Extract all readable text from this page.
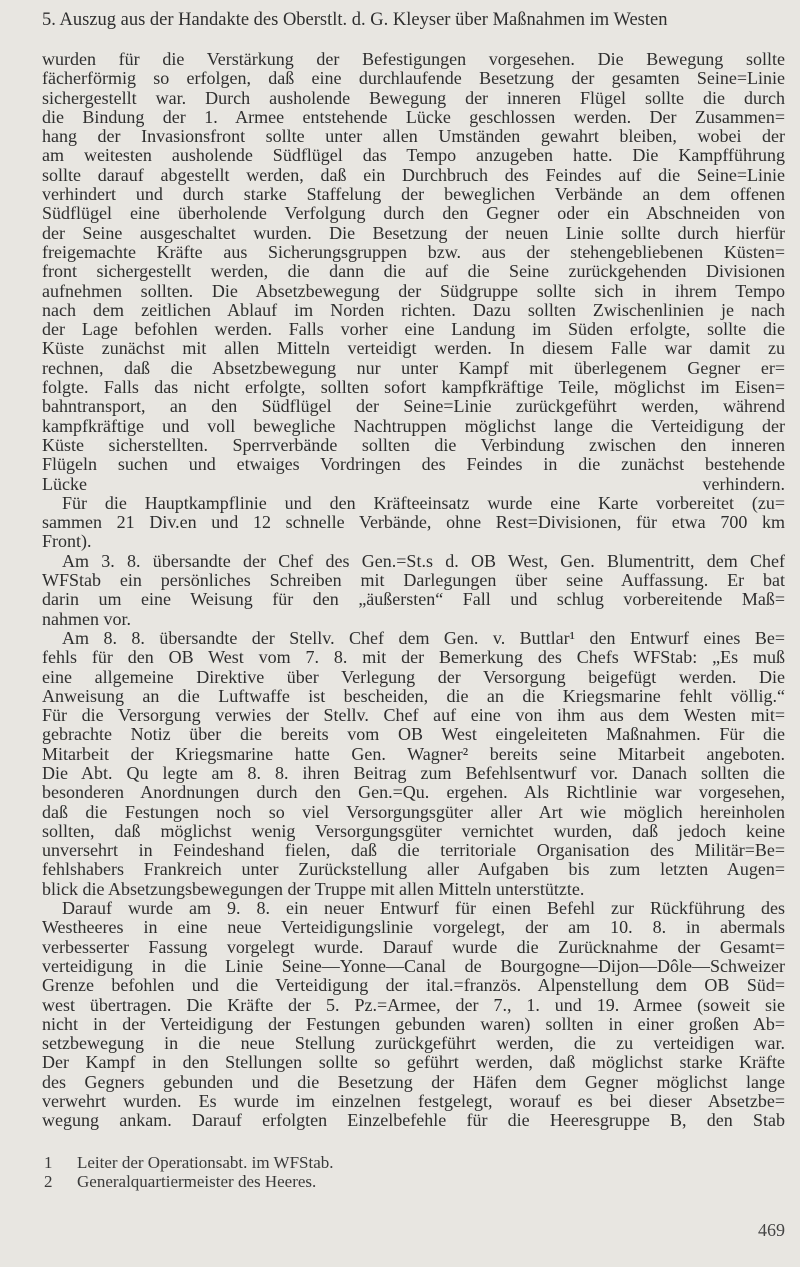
5. Auszug aus der Handakte des Oberstlt. d. G. Kleyser über Maßnahmen im Westen
wurden für die Verstärkung der Befestigungen vorgesehen. Die Bewegung sollte
fächerförmig so erfolgen, daß eine durchlaufende Besetzung der gesamten Seine=Linie
sichergestellt war. Durch ausholende Bewegung der inneren Flügel sollte die durch
die Bindung der 1. Armee entstehende Lücke geschlossen werden. Der Zusammen=
hang der Invasionsfront sollte unter allen Umständen gewahrt bleiben, wobei der
am weitesten ausholende Südflügel das Tempo anzugeben hatte. Die Kampfführung
sollte darauf abgestellt werden, daß ein Durchbruch des Feindes auf die Seine=Linie
verhindert und durch starke Staffelung der beweglichen Verbände an dem offenen
Südflügel eine überholende Verfolgung durch den Gegner oder ein Abschneiden von
der Seine ausgeschaltet wurden. Die Besetzung der neuen Linie sollte durch hierfür
freigemachte Kräfte aus Sicherungsgruppen bzw. aus der stehengebliebenen Küsten=
front sichergestellt werden, die dann die auf die Seine zurückgehenden Divisionen
aufnehmen sollten. Die Absetzbewegung der Südgruppe sollte sich in ihrem Tempo
nach dem zeitlichen Ablauf im Norden richten. Dazu sollten Zwischenlinien je nach
der Lage befohlen werden. Falls vorher eine Landung im Süden erfolgte, sollte die
Küste zunächst mit allen Mitteln verteidigt werden. In diesem Falle war damit zu
rechnen, daß die Absetzbewegung nur unter Kampf mit überlegenem Gegner er=
folgte. Falls das nicht erfolgte, sollten sofort kampfkräftige Teile, möglichst im Eisen=
bahntransport, an den Südflügel der Seine=Linie zurückgeführt werden, während
kampfkräftige und voll bewegliche Nachtruppen möglichst lange die Verteidigung der
Küste sicherstellten. Sperrverbände sollten die Verbindung zwischen den inneren
Flügeln suchen und etwaiges Vordringen des Feindes in die zunächst bestehende
Lücke verhindern.
Für die Hauptkampflinie und den Kräfteeinsatz wurde eine Karte vorbereitet (zu=
sammen 21 Div.en und 12 schnelle Verbände, ohne Rest=Divisionen, für etwa 700 km
Front).
Am 3. 8. übersandte der Chef des Gen.=St.s d. OB West, Gen. Blumentritt, dem Chef
WFStab ein persönliches Schreiben mit Darlegungen über seine Auffassung. Er bat
darin um eine Weisung für den „äußersten“ Fall und schlug vorbereitende Maß=
nahmen vor.
Am 8. 8. übersandte der Stellv. Chef dem Gen. v. Buttlar¹ den Entwurf eines Be=
fehls für den OB West vom 7. 8. mit der Bemerkung des Chefs WFStab: „Es muß
eine allgemeine Direktive über Verlegung der Versorgung beigefügt werden. Die
Anweisung an die Luftwaffe ist bescheiden, die an die Kriegsmarine fehlt völlig.“
Für die Versorgung verwies der Stellv. Chef auf eine von ihm aus dem Westen mit=
gebrachte Notiz über die bereits vom OB West eingeleiteten Maßnahmen. Für die
Mitarbeit der Kriegsmarine hatte Gen. Wagner² bereits seine Mitarbeit angeboten.
Die Abt. Qu legte am 8. 8. ihren Beitrag zum Befehlsentwurf vor. Danach sollten die
besonderen Anordnungen durch den Gen.=Qu. ergehen. Als Richtlinie war vorgesehen,
daß die Festungen noch so viel Versorgungsgüter aller Art wie möglich hereinholen
sollten, daß möglichst wenig Versorgungsgüter vernichtet wurden, daß jedoch keine
unversehrt in Feindeshand fielen, daß die territoriale Organisation des Militär=Be=
fehlshabers Frankreich unter Zurückstellung aller Aufgaben bis zum letzten Augen=
blick die Absetzungsbewegungen der Truppe mit allen Mitteln unterstützte.
Darauf wurde am 9. 8. ein neuer Entwurf für einen Befehl zur Rückführung des
Westheeres in eine neue Verteidigungslinie vorgelegt, der am 10. 8. in abermals
verbesserter Fassung vorgelegt wurde. Darauf wurde die Zurücknahme der Gesamt=
verteidigung in die Linie Seine—Yonne—Canal de Bourgogne—Dijon—Dôle—Schweizer
Grenze befohlen und die Verteidigung der ital.=französ. Alpenstellung dem OB Süd=
west übertragen. Die Kräfte der 5. Pz.=Armee, der 7., 1. und 19. Armee (soweit sie
nicht in der Verteidigung der Festungen gebunden waren) sollten in einer großen Ab=
setzbewegung in die neue Stellung zurückgeführt werden, die zu verteidigen war.
Der Kampf in den Stellungen sollte so geführt werden, daß möglichst starke Kräfte
des Gegners gebunden und die Besetzung der Häfen dem Gegner möglichst lange
verwehrt wurden. Es wurde im einzelnen festgelegt, worauf es bei dieser Absetzbe=
wegung ankam. Darauf erfolgten Einzelbefehle für die Heeresgruppe B, den Stab
1 Leiter der Operationsabt. im WFStab.
2 Generalquartiermeister des Heeres.
469
